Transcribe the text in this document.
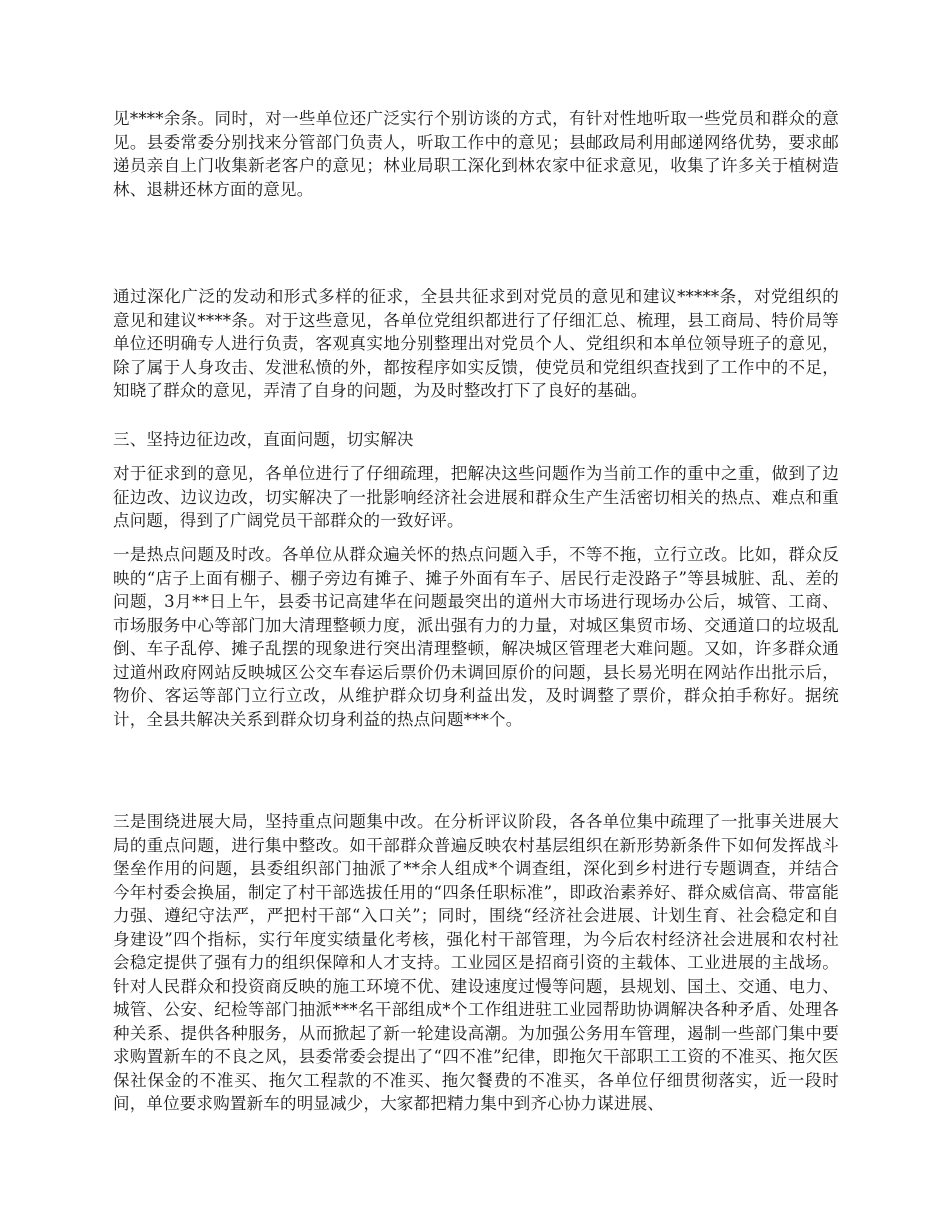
见****余条。同时，对一些单位还广泛实行个别访谈的方式，有针对性地听取一些党员和群众的意见。县委常委分别找来分管部门负责人，听取工作中的意见；县邮政局利用邮递网络优势，要求邮递员亲自上门收集新老客户的意见；林业局职工深化到林农家中征求意见，收集了许多关于植树造林、退耕还林方面的意见。

通过深化广泛的发动和形式多样的征求，全县共征求到对党员的意见和建议*****条，对党组织的意见和建议****条。对于这些意见，各单位党组织都进行了仔细汇总、梳理，县工商局、特价局等单位还明确专人进行负责，客观真实地分别整理出对党员个人、党组织和本单位领导班子的意见，除了属于人身攻击、发泄私愤的外，都按程序如实反馈，使党员和党组织查找到了工作中的不足，知晓了群众的意见，弄清了自身的问题，为及时整改打下了良好的基础。

三、坚持边征边改，直面问题，切实解决

对于征求到的意见，各单位进行了仔细疏理，把解决这些问题作为当前工作的重中之重，做到了边征边改、边议边改，切实解决了一批影响经济社会进展和群众生产生活密切相关的热点、难点和重点问题，得到了广阔党员干部群众的一致好评。

一是热点问题及时改。各单位从群众遍关怀的热点问题入手，不等不拖，立行立改。比如，群众反映的“店子上面有棚子、棚子旁边有摊子、摊子外面有车子、居民行走没路子”等县城脏、乱、差的问题，3月**日上午，县委书记高建华在问题最突出的道州大市场进行现场办公后，城管、工商、市场服务中心等部门加大清理整顿力度，派出强有力的力量，对城区集贸市场、交通道口的垃圾乱倒、车子乱停、摊子乱摆的现象进行突出清理整顿，解决城区管理老大难问题。又如，许多群众通过道州政府网站反映城区公交车春运后票价仍未调回原价的问题，县长易光明在网站作出批示后，物价、客运等部门立行立改，从维护群众切身利益出发，及时调整了票价，群众拍手称好。据统计，全县共解决关系到群众切身利益的热点问题***个。

三是围绕进展大局，坚持重点问题集中改。在分析评议阶段，各各单位集中疏理了一批事关进展大局的重点问题，进行集中整改。如干部群众普遍反映农村基层组织在新形势新条件下如何发挥战斗堡垒作用的问题，县委组织部门抽派了**余人组成*个调查组，深化到乡村进行专题调查，并结合今年村委会换届，制定了村干部选拔任用的“四条任职标准”，即政治素养好、群众威信高、带富能力强、遵纪守法严，严把村干部“入口关”；同时，围绕“经济社会进展、计划生育、社会稳定和自身建设”四个指标，实行年度实绩量化考核，强化村干部管理，为今后农村经济社会进展和农村社会稳定提供了强有力的组织保障和人才支持。工业园区是招商引资的主载体、工业进展的主战场。针对人民群众和投资商反映的施工环境不优、建设速度过慢等问题，县规划、国土、交通、电力、城管、公安、纪检等部门抽派***名干部组成*个工作组进驻工业园帮助协调解决各种矛盾、处理各种关系、提供各种服务，从而掀起了新一轮建设高潮。为加强公务用车管理，遏制一些部门集中要求购置新车的不良之风，县委常委会提出了“四不准”纪律，即拖欠干部职工工资的不准买、拖欠医保社保金的不准买、拖欠工程款的不准买、拖欠餐费的不准买，各单位仔细贯彻落实，近一段时间，单位要求购置新车的明显减少，大家都把精力集中到齐心协力谋进展、
